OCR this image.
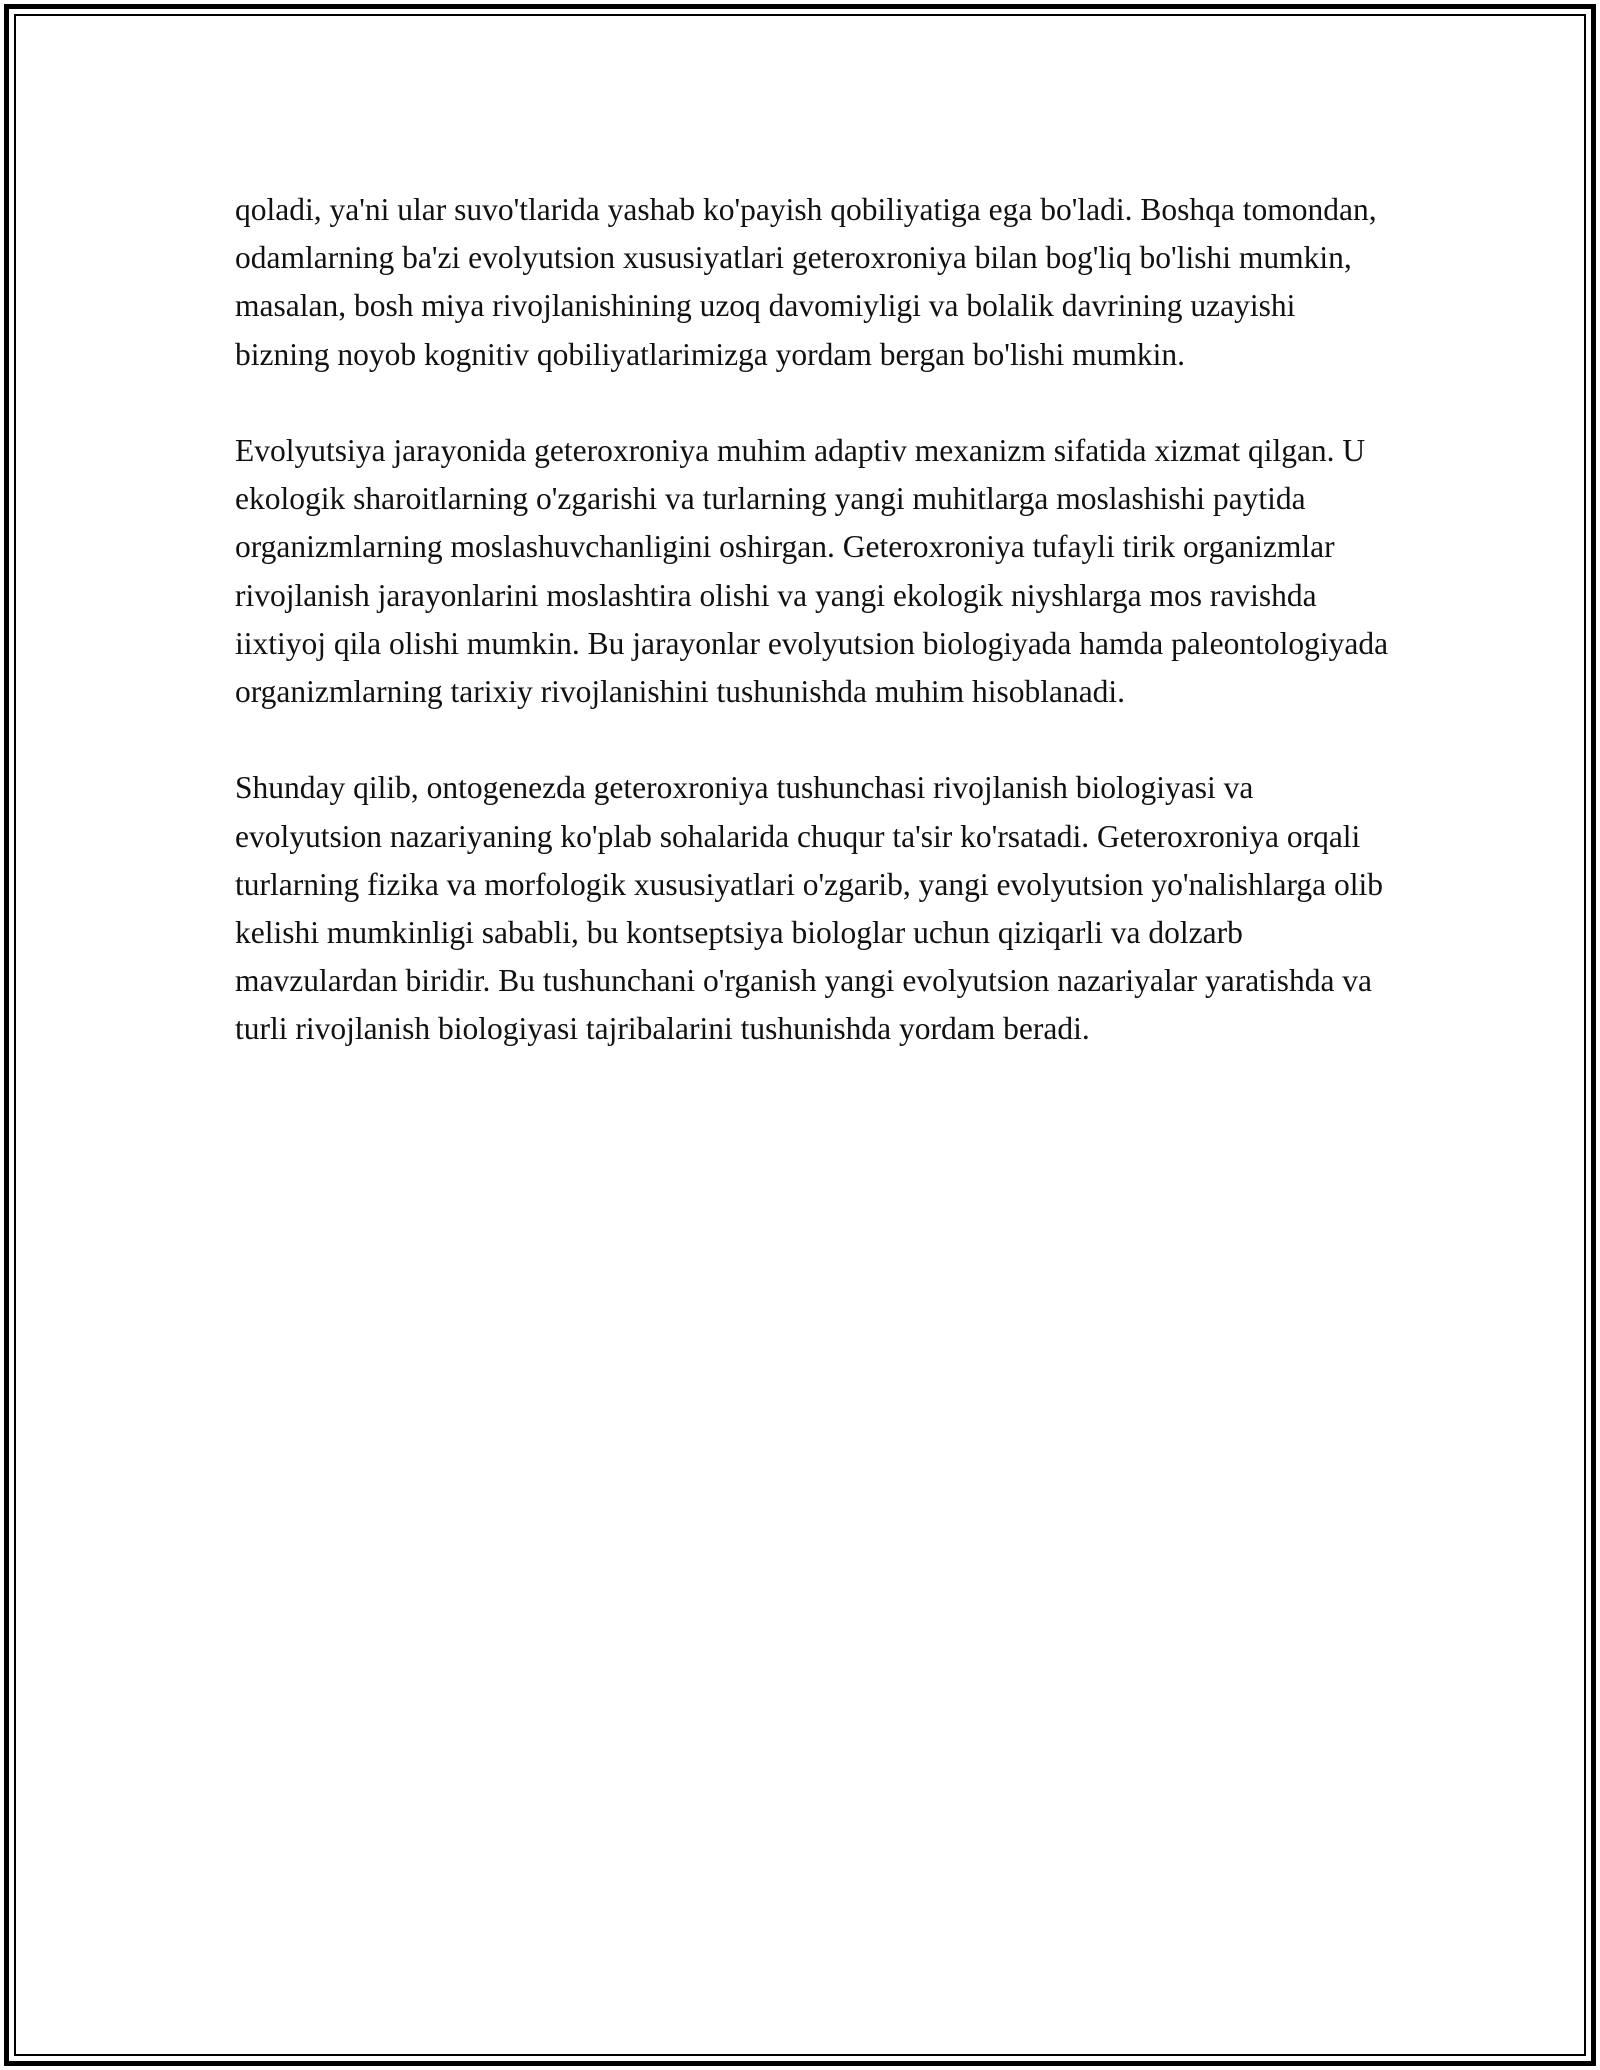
qoladi, ya'ni ular suvo'tlarida yashab ko'payish qobiliyatiga ega bo'ladi. Boshqa tomondan, odamlarning ba'zi evolyutsion xususiyatlari geteroxroniya bilan bog'liq bo'lishi mumkin, masalan, bosh miya rivojlanishining uzoq davomiyligi va bolalik davrining uzayishi bizning noyob kognitiv qobiliyatlarimizga yordam bergan bo'lishi mumkin.

Evolyutsiya jarayonida geteroxroniya muhim adaptiv mexanizm sifatida xizmat qilgan. U ekologik sharoitlarning o'zgarishi va turlarning yangi muhitlarga moslashishi paytida organizmlarning moslashuvchanligini oshirgan. Geteroxroniya tufayli tirik organizmlar rivojlanish jarayonlarini moslashtira olishi va yangi ekologik niyshlarga mos ravishda iixtiyoj qila olishi mumkin. Bu jarayonlar evolyutsion biologiyada hamda paleontologiyada organizmlarning tarixiy rivojlanishini tushunishda muhim hisoblanadi.

Shunday qilib, ontogenezda geteroxroniya tushunchasi rivojlanish biologiyasi va evolyutsion nazariyaning ko'plab sohalarida chuqur ta'sir ko'rsatadi. Geteroxroniya orqali turlarning fizika va morfologik xususiyatlari o'zgarib, yangi evolyutsion yo'nalishlarga olib kelishi mumkinligi sababli, bu kontseptsiya biologlar uchun qiziqarli va dolzarb mavzulardan biridir. Bu tushunchani o'rganish yangi evolyutsion nazariyalar yaratishda va turli rivojlanish biologiyasi tajribalarini tushunishda yordam beradi.
